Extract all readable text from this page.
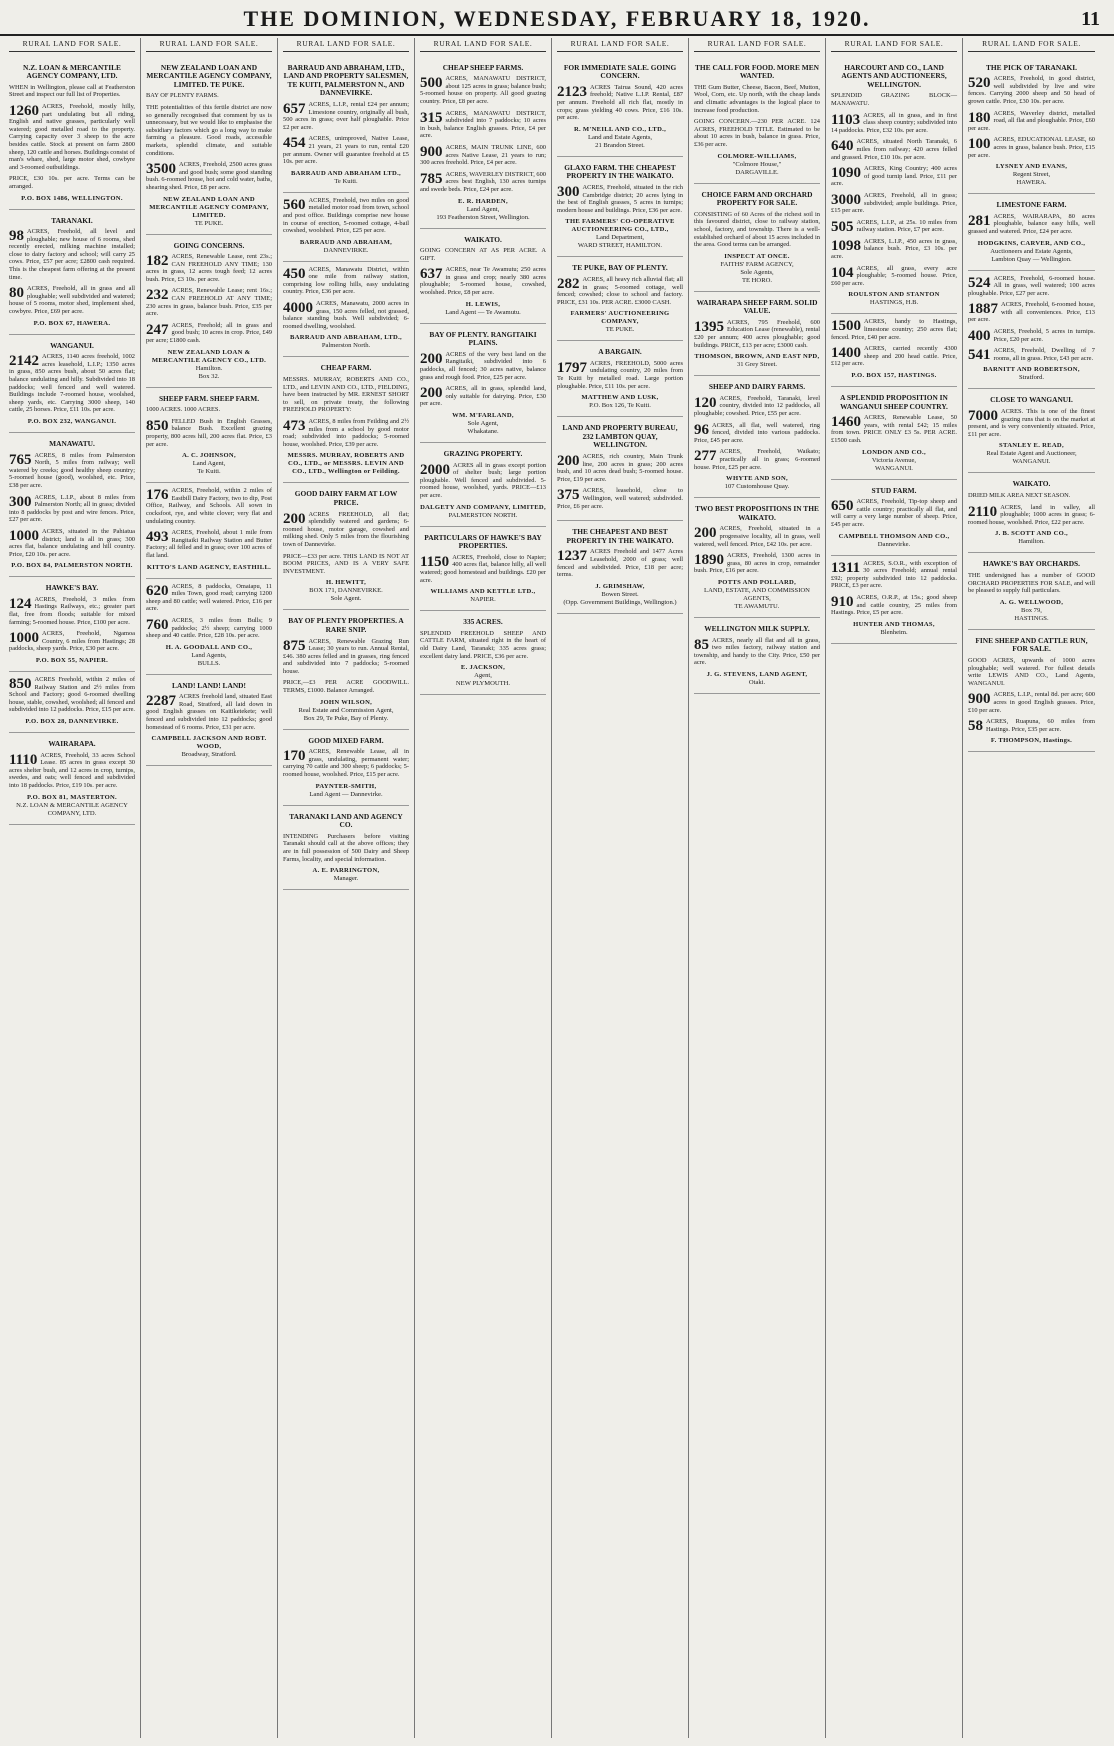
THE DOMINION, WEDNESDAY, FEBRUARY 18, 1920.	11
RURAL LAND FOR SALE.
N.Z. LOAN & MERCANTILE AGENCY COMPANY, LTD.
WHEN in Wellington, please call at Featherston Street and inspect our full list of Properties.
1260 ACRES, Freehold, mostly hilly, part undulating but all riding, English and native grasses, particularly well watered; good metalled road to the property. Carrying capacity over 3 sheep to the acre besides cattle. Stock at present on farm 2800 sheep, 120 cattle and horses. Buildings consist of man's whare, shed, large motor shed, cowbyre and 3-roomed outbuildings.
PRICE, £30 10s. per acre. Terms can be arranged.
P.O. BOX 1486, WELLINGTON.
TARANAKI.
98 ACRES, Freehold, all level and ploughable; new house of 6 rooms, shed recently erected, milking machine installed; close to dairy factory and school; will carry 25 cows. Price, £57 per acre; £2800 cash required. This is the cheapest farm offering at the present time.
80 ACRES, Freehold, all in grass and all ploughable; well subdivided and watered; house of 5 rooms, motor shed, implement shed, cowbyre. Price, £69 per acre.
P.O. BOX 67, HAWERA.
WANGANUI.
2142 ACRES, 1140 acres freehold, 1002 acres leasehold, L.I.P.; 1350 acres in grass, 850 acres bush, about 50 acres flat; balance undulating and hilly. Subdivided into 18 paddocks; well fenced and well watered. Buildings include 7-roomed house, woolshed, sheep yards, etc. Carrying 3000 sheep, 140 cattle, 25 horses. Price, £11 10s. per acre.
P.O. BOX 232, WANGANUI.
MANAWATU.
765 ACRES, 8 miles from Palmerston North, 5 miles from railway; well watered by creeks; good healthy sheep country; 5-roomed house (good), woolshed, etc. Price, £38 per acre.
300 ACRES, L.I.P., about 8 miles from Palmerston North; all in grass; divided into 8 paddocks by post and wire fences. Price, £27 per acre.
1000 ACRES, situated in the Pahiatua district; land is all in grass; 300 acres flat, balance undulating and hill country. Price, £20 10s. per acre.
P.O. BOX 84, PALMERSTON NORTH.
HAWKE'S BAY.
124 ACRES, Freehold, 3 miles from Hastings Railways, etc.; greater part flat, free from floods; suitable for mixed farming; 5-roomed house. Price, £100 per acre.
1000 ACRES, Freehold, Ngamoa Country, 6 miles from Hastings; 28 paddocks, sheep yards. Price, £30 per acre.
P.O. BOX 55, NAPIER.
850 ACRES Freehold, within 2 miles of Railway Station and 2½ miles from School and Factory; good 6-roomed dwelling house, stable, cowshed, woolshed; all fenced and subdivided into 12 paddocks. Price, £15 per acre.
P.O. BOX 28, DANNEVIRKE.
WAIRARAPA.
1110 ACRES, Freehold, 33 acres School Lease. 85 acres in grass except 30 acres shelter bush, and 12 acres in crop, turnips, swedes, and oats; well fenced and subdivided into 18 paddocks. Price, £19 10s. per acre.
P.O. BOX 81, MASTERTON.
N.Z. LOAN & MERCANTILE AGENCY COMPANY, LTD.
RURAL LAND FOR SALE.
NEW ZEALAND LOAN AND MERCANTILE AGENCY COMPANY, LIMITED. TE PUKE.
BAY OF PLENTY FARMS.
THE potentialities of this fertile district are now so generally recognised that comment by us is unnecessary, but we would like to emphasise the subsidiary factors which go a long way to make farming a pleasure. Good roads, accessible markets, splendid climate, and suitable conditions.
3500 ACRES, Freehold, 2500 acres grass and good bush; some good standing bush. 6-roomed house, hot and cold water, baths, shearing shed. Price, £8 per acre.
NEW ZEALAND LOAN AND MERCANTILE AGENCY COMPANY, LIMITED.
TE PUKE.
GOING CONCERNS.
182 ACRES, Renewable Lease, rent 23s.; CAN FREEHOLD ANY TIME; 130 acres in grass, 12 acres tough feed; 12 acres bush. Price, £3 10s. per acre.
232 ACRES, Renewable Lease; rent 16s.; CAN FREEHOLD AT ANY TIME; 230 acres in grass, balance bush. Price, £35 per acre.
247 ACRES, Freehold; all in grass and good bush; 10 acres in crop. Price, £49 per acre; £1800 cash.
NEW ZEALAND LOAN & MERCANTILE AGENCY CO., LTD.
Hamilton.
Box 32.
SHEEP FARM. SHEEP FARM.
1000 ACRES. 1000 ACRES.
850 FELLED Bush in English Grasses, balance Bush. Excellent grazing property, 800 acres hill, 200 acres flat. Price, £3 per acre.
A. C. JOHNSON,
Land Agent,
Te Kuiti.
176 ACRES, Freehold, within 2 miles of Eastbill Dairy Factory, two to dip, Post Office, Railway, and Schools. All sown in cocksfoot, rye, and white clover; very flat and undulating country.
493 ACRES, Freehold, about 1 mile from Rangitaiki Railway Station and Butter Factory; all felled and in grass; over 100 acres of flat land.
KITTO'S LAND AGENCY, EASTHILL.
620 ACRES, 8 paddocks, Omaiapu, 11 miles Town, good road; carrying 1200 sheep and 80 cattle; well watered. Price, £16 per acre.
760 ACRES, 3 miles from Bulls; 9 paddocks; 2½ sheep; carrying 1000 sheep and 40 cattle. Price, £28 10s. per acre.
H. A. GOODALL AND CO.,
Land Agents,
BULLS.
LAND! LAND! LAND!
2287 ACRES freehold land, situated East Road, Stratford, all laid down in good English grasses on Kaitiketekete; well fenced and subdivided into 12 paddocks; good homestead of 6 rooms. Price, £31 per acre.
CAMPBELL JACKSON AND ROBT. WOOD,
Broadway, Stratford.
RURAL LAND FOR SALE.
BARRAUD AND ABRAHAM, LTD., LAND AND PROPERTY SALESMEN, TE KUITI, PALMERSTON N., AND DANNEVIRKE.
657 ACRES, L.I.P., rental £24 per annum; Limestone country, originally all bush, 500 acres in grass; over half ploughable. Price £2 per acre.
454 ACRES, unimproved, Native Lease, 21 years, 21 years to run, rental £20 per annum. Owner will guarantee freehold at £5 10s. per acre.
BARRAUD AND ABRAHAM LTD.,
Te Kuiti.
560 ACRES, Freehold, two miles on good metalled motor road from town, school and post office. Buildings comprise new house in course of erection, 5-roomed cottage, 4-bail cowshed, woolshed. Price, £25 per acre.
BARRAUD AND ABRAHAM,
DANNEVIRKE.
450 ACRES, Manawatu District, within one mile from railway station, comprising low rolling hills, easy undulating country. Price, £36 per acre.
4000 ACRES, Manawatu, 2000 acres in grass, 150 acres felled, not grassed, balance standing bush. Well subdivided; 6-roomed dwelling, woolshed.
BARRAUD AND ABRAHAM, LTD.,
Palmerston North.
CHEAP FARM.
MESSRS. MURRAY, ROBERTS AND CO., LTD., and LEVIN AND CO., LTD., FIELDING, have been instructed by MR. ERNEST SHORT to sell, on private treaty, the following FREEHOLD PROPERTY:
473 ACRES, 8 miles from Feilding and 2½ miles from a school by good motor road; subdivided into paddocks; 5-roomed house, woolshed. Price, £39 per acre.
MESSRS. MURRAY, ROBERTS AND CO., LTD., or MESSRS. LEVIN AND CO., LTD., Wellington or Feilding.
GOOD DAIRY FARM AT LOW PRICE.
200 ACRES FREEHOLD, all flat; splendidly watered and gardens; 6-roomed house, motor garage, cowshed and milking shed. Only 5 miles from the flourishing town of Dannevirke.
PRICE—£33 per acre. THIS LAND IS NOT AT BOOM PRICES, AND IS A VERY SAFE INVESTMENT.
H. HEWITT,
BOX 171, DANNEVIRKE.
Sole Agent.
BAY OF PLENTY PROPERTIES. A RARE SNIP.
875 ACRES, Renewable Grazing Run Lease; 30 years to run. Annual Rental, £46. 380 acres felled and in grasses, ring fenced and subdivided into 7 paddocks; 5-roomed house.
PRICE,—£3 PER ACRE GOODWILL. TERMS, £1000. Balance Arranged.
JOHN WILSON,
Real Estate and Commission Agent,
Box 29, Te Puke, Bay of Plenty.
GOOD MIXED FARM.
170 ACRES, Renewable Lease, all in grass, undulating, permanent water; carrying 70 cattle and 300 sheep; 6 paddocks; 5-roomed house, woolshed. Price, £15 per acre.
PAYNTER-SMITH,
Land Agent — Dannevirke.
TARANAKI LAND AND AGENCY CO.
INTENDING Purchasers before visiting Taranaki should call at the above offices; they are in full possession of 500 Dairy and Sheep Farms, locality, and special information.
A. E. PARRINGTON,
Manager.
RURAL LAND FOR SALE.
CHEAP SHEEP FARMS.
500 ACRES, MANAWATU DISTRICT, about 125 acres in grass; balance bush; 5-roomed house on property. All good grazing country. Price, £8 per acre.
315 ACRES, MANAWATU DISTRICT, subdivided into 7 paddocks; 10 acres in bush, balance English grasses. Price, £4 per acre.
900 ACRES, MAIN TRUNK LINE, 600 acres Native Lease, 21 years to run; 300 acres freehold. Price, £4 per acre.
785 ACRES, WAVERLEY DISTRICT, 600 acres best English, 130 acres turnips and swede beds. Price, £24 per acre.
E. R. HARDEN,
Land Agent,
193 Featherston Street, Wellington.
WAIKATO.
GOING CONCERN AT AS PER ACRE. A GIFT.
637 ACRES, near Te Awamutu; 250 acres in grass and crop; nearly 380 acres ploughable; 5-roomed house, cowshed, woolshed. Price, £8 per acre.
H. LEWIS,
Land Agent — Te Awamutu.
BAY OF PLENTY. RANGITAIKI PLAINS.
200 ACRES of the very best land on the Rangitaiki, subdivided into 6 paddocks, all fenced; 30 acres native, balance grass and rough food. Price, £25 per acre.
200 ACRES, all in grass, splendid land, only suitable for dairying. Price, £30 per acre.
WM. M'FARLAND,
Sole Agent,
Whakatane.
GRAZING PROPERTY.
2000 ACRES all in grass except portion of shelter bush; large portion ploughable. Well fenced and subdivided. 5-roomed house, woolshed, yards. PRICE—£13 per acre.
DALGETY AND COMPANY, LIMITED,
PALMERSTON NORTH.
PARTICULARS OF HAWKE'S BAY PROPERTIES.
1150 ACRES, Freehold, close to Napier; 400 acres flat, balance hilly, all well watered; good homestead and buildings. £20 per acre.
WILLIAMS AND KETTLE LTD.,
NAPIER.
335 ACRES.
SPLENDID FREEHOLD SHEEP AND CATTLE FARM, situated right in the heart of old Dairy Land, Taranaki; 335 acres grass; excellent dairy land. PRICE, £36 per acre.
E. JACKSON,
Agent,
NEW PLYMOUTH.
RURAL LAND FOR SALE.
FOR IMMEDIATE SALE. GOING CONCERN.
2123 ACRES Tairua Sound, 420 acres freehold; Native L.I.P. Rental, £87 per annum. Freehold all rich flat, mostly in crops; grass yielding 40 cows. Price, £16 10s. per acre.
R. M'NEILL AND CO., LTD.,
Land and Estate Agents,
21 Brandon Street.
GLAXO FARM. THE CHEAPEST PROPERTY IN THE WAIKATO.
300 ACRES, Freehold, situated in the rich Cambridge district; 20 acres lying in the best of English grasses, 5 acres in turnips; modern house and buildings. Price, £36 per acre.
THE FARMERS' CO-OPERATIVE AUCTIONEERING CO., LTD.,
Land Department,
WARD STREET, HAMILTON.
TE PUKE, BAY OF PLENTY.
282 ACRES, all heavy rich alluvial flat; all in grass; 5-roomed cottage, well fenced; cowshed; close to school and factory. PRICE, £31 10s. PER ACRE. £3000 CASH.
FARMERS' AUCTIONEERING COMPANY,
TE PUKE.
A BARGAIN.
1797 ACRES, FREEHOLD, 5000 acres undulating country, 20 miles from Te Kuiti by metalled road. Large portion ploughable. Price, £11 10s. per acre.
MATTHEW AND LUSK,
P.O. Box 126, Te Kuiti.
LAND AND PROPERTY BUREAU, 232 LAMBTON QUAY, WELLINGTON.
200 ACRES, rich country, Main Trunk line, 200 acres in grass; 200 acres bush, and 10 acres dead bush; 5-roomed house. Price, £19 per acre.
375 ACRES, leasehold, close to Wellington, well watered; subdivided. Price, £6 per acre.
THE CHEAPEST AND BEST PROPERTY IN THE WAIKATO.
1237 ACRES Freehold and 1477 Acres Leasehold, 2000 of grass; well fenced and subdivided. Price, £18 per acre; terms.
J. GRIMSHAW,
Bowen Street.
(Opp. Government Buildings, Wellington.)
RURAL LAND FOR SALE.
THE CALL FOR FOOD. MORE MEN WANTED.
THE Gum Butter, Cheese, Bacon, Beef, Mutton, Wool, Corn, etc. Up north, with the cheap lands and climatic advantages is the logical place to increase food production.
GOING CONCERN.—230 PER ACRE. 124 ACRES, FREEHOLD TITLE. Estimated to be about 10 acres in bush, balance in grass. Price, £36 per acre.
COLMORE-WILLIAMS,
"Colmore House,"
DARGAVILLE.
CHOICE FARM AND ORCHARD PROPERTY FOR SALE.
CONSISTING of 60 Acres of the richest soil in this favoured district, close to railway station, school, factory, and township. There is a well-established orchard of about 15 acres included in the area. Good terms can be arranged.
INSPECT AT ONCE.
FAITHS' FARM AGENCY,
Sole Agents,
TE HORO.
WAIRARAPA SHEEP FARM. SOLID VALUE.
1395 ACRES, 795 Freehold, 600 Education Lease (renewable), rental £20 per annum; 400 acres ploughable; good buildings. PRICE, £13 per acre; £3000 cash.
THOMSON, BROWN, AND EAST NPD,
31 Grey Street.
SHEEP AND DAIRY FARMS.
120 ACRES, Freehold, Taranaki, level country, divided into 12 paddocks, all ploughable; cowshed. Price, £55 per acre.
96 ACRES, all flat, well watered, ring fenced, divided into various paddocks. Price, £45 per acre.
277 ACRES, Freehold, Waikato; practically all in grass; 6-roomed house. Price, £25 per acre.
WHYTE AND SON,
107 Customhouse Quay.
TWO BEST PROPOSITIONS IN THE WAIKATO.
200 ACRES, Freehold, situated in a progressive locality, all in grass, well watered, well fenced. Price, £42 10s. per acre.
1890 ACRES, Freehold, 1300 acres in grass, 80 acres in crop, remainder bush. Price, £16 per acre.
POTTS AND POLLARD,
LAND, ESTATE, AND COMMISSION AGENTS,
TE AWAMUTU.
WELLINGTON MILK SUPPLY.
85 ACRES, nearly all flat and all in grass, two miles factory, railway station and township, and handy to the City. Price, £50 per acre.
J. G. STEVENS, LAND AGENT,
Otaki.
RURAL LAND FOR SALE.
HARCOURT AND CO., LAND AGENTS AND AUCTIONEERS, WELLINGTON.
SPLENDID GRAZING BLOCK—MANAWATU.
1103 ACRES, all in grass, and in first class sheep country; subdivided into 14 paddocks. Price, £32 10s. per acre.
640 ACRES, situated North Taranaki, 6 miles from railway; 420 acres felled and grassed. Price, £10 10s. per acre.
1090 ACRES, King Country; 400 acres of good turnip land. Price, £11 per acre.
3000 ACRES, Freehold, all in grass; subdivided; ample buildings. Price, £15 per acre.
505 ACRES, L.I.P., at 25s. 10 miles from railway station. Price, £7 per acre.
1098 ACRES, L.I.P., 450 acres in grass, balance bush. Price, £3 10s. per acre.
104 ACRES, all grass, every acre ploughable; 5-roomed house. Price, £60 per acre.
ROULSTON AND STANTON
HASTINGS, H.B.
1500 ACRES, handy to Hastings, limestone country; 250 acres flat; fenced. Price, £40 per acre.
1400 ACRES, carried recently 4300 sheep and 200 head cattle. Price, £12 per acre.
P.O. BOX 157, HASTINGS.
A SPLENDID PROPOSITION IN WANGANUI SHEEP COUNTRY.
1460 ACRES, Renewable Lease, 50 years, with rental £42; 15 miles from town. PRICE ONLY £3 5s. PER ACRE. £1500 cash.
LONDON AND CO.,
Victoria Avenue,
WANGANUI.
STUD FARM.
650 ACRES, Freehold, Tip-top sheep and cattle country; practically all flat, and will carry a very large number of sheep. Price, £45 per acre.
CAMPBELL THOMSON AND CO.,
Dannevirke.
1311 ACRES, S.O.R., with exception of 30 acres Freehold; annual rental £92; property subdivided into 12 paddocks. PRICE, £3 per acre.
910 ACRES, O.R.P., at 15s.; good sheep and cattle country, 25 miles from Hastings. Price, £5 per acre.
HUNTER AND THOMAS,
Blenheim.
RURAL LAND FOR SALE.
THE PICK OF TARANAKI.
520 ACRES, Freehold, in good district, well subdivided by live and wire fences. Carrying 2000 sheep and 50 head of grown cattle. Price, £30 10s. per acre.
180 ACRES, Waverley district, metalled road, all flat and ploughable. Price, £60 per acre.
100 ACRES, EDUCATIONAL LEASE, 60 acres in grass, balance bush. Price, £15 per acre.
LYSNEY AND EVANS,
Regent Street,
HAWERA.
LIMESTONE FARM.
281 ACRES, WAIRARAPA, 80 acres ploughable, balance easy hills, well grassed and watered. Price, £24 per acre.
HODGKINS, CARVER, AND CO.,
Auctioneers and Estate Agents,
Lambton Quay — Wellington.
524 ACRES, Freehold, 6-roomed house. All in grass, well watered; 100 acres ploughable. Price, £27 per acre.
1887 ACRES, Freehold, 6-roomed house, with all conveniences. Price, £13 per acre.
400 ACRES, Freehold, 5 acres in turnips. Price, £20 per acre.
541 ACRES, Freehold, Dwelling of 7 rooms, all in grass. Price, £43 per acre.
BARNITT AND ROBERTSON,
Stratford.
CLOSE TO WANGANUI.
7000 ACRES. This is one of the finest grazing runs that is on the market at present, and is very conveniently situated. Price, £11 per acre.
STANLEY E. READ,
Real Estate Agent and Auctioneer,
WANGANUI.
WAIKATO.
DRIED MILK AREA NEXT SEASON.
2110 ACRES, land in valley, all ploughable; 1000 acres in grass; 6-roomed house, woolshed. Price, £22 per acre.
J. B. SCOTT AND CO.,
Hamilton.
HAWKE'S BAY ORCHARDS.
THE undersigned has a number of GOOD ORCHARD PROPERTIES FOR SALE, and will be pleased to supply full particulars.
A. G. WELLWOOD,
Box 79,
HASTINGS.
FINE SHEEP AND CATTLE RUN, FOR SALE.
GOOD ACRES, upwards of 1000 acres ploughable; well watered. For fullest details write LEWIS AND CO., Land Agents, WANGANUI.
900 ACRES, L.I.P., rental 8d. per acre; 600 acres in good English grasses. Price, £10 per acre.
58 ACRES, Ruapuna, 60 miles from Hastings. Price, £35 per acre.
F. THOMPSON, Hastings.
